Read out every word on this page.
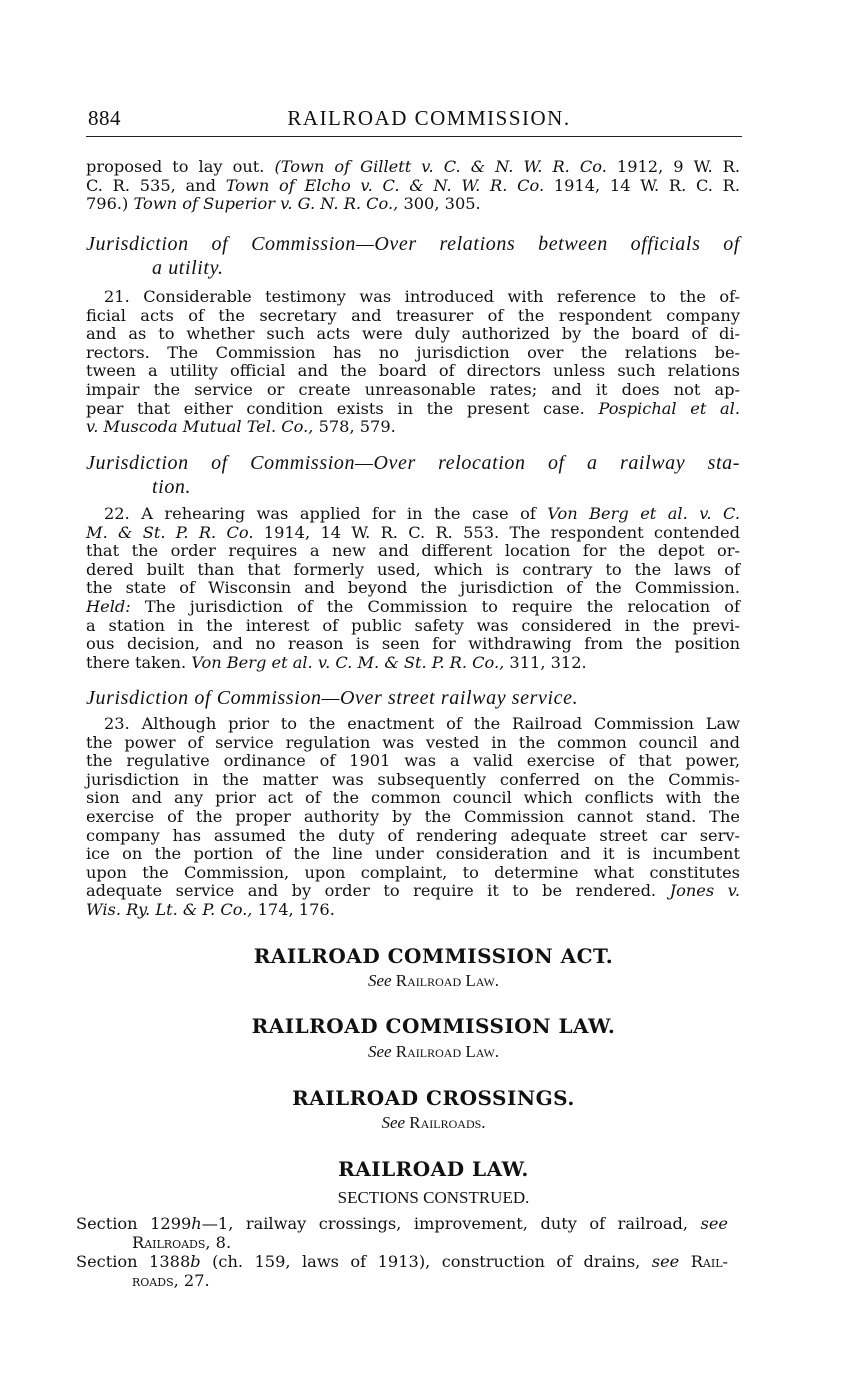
884	RAILROAD COMMISSION.
proposed to lay out. (Town of Gillett v. C. & N. W. R. Co. 1912, 9 W. R.
C. R. 535, and Town of Elcho v. C. & N. W. R. Co. 1914, 14 W. R. C. R.
796.) Town of Superior v. G. N. R. Co., 300, 305.
Jurisdiction of Commission—Over relations between officials of
a utility.
21. Considerable testimony was introduced with reference to the of-
ficial acts of the secretary and treasurer of the respondent company
and as to whether such acts were duly authorized by the board of di-
rectors. The Commission has no jurisdiction over the relations be-
tween a utility official and the board of directors unless such relations
impair the service or create unreasonable rates; and it does not ap-
pear that either condition exists in the present case. Pospichal et al.
v. Muscoda Mutual Tel. Co., 578, 579.
Jurisdiction of Commission—Over relocation of a railway sta-
tion.
22. A rehearing was applied for in the case of Von Berg et al. v. C.
M. & St. P. R. Co. 1914, 14 W. R. C. R. 553. The respondent contended
that the order requires a new and different location for the depot or-
dered built than that formerly used, which is contrary to the laws of
the state of Wisconsin and beyond the jurisdiction of the Commission.
Held: The jurisdiction of the Commission to require the relocation of
a station in the interest of public safety was considered in the previ-
ous decision, and no reason is seen for withdrawing from the position
there taken. Von Berg et al. v. C. M. & St. P. R. Co., 311, 312.
Jurisdiction of Commission—Over street railway service.
23. Although prior to the enactment of the Railroad Commission Law
the power of service regulation was vested in the common council and
the regulative ordinance of 1901 was a valid exercise of that power,
jurisdiction in the matter was subsequently conferred on the Commis-
sion and any prior act of the common council which conflicts with the
exercise of the proper authority by the Commission cannot stand. The
company has assumed the duty of rendering adequate street car serv-
ice on the portion of the line under consideration and it is incumbent
upon the Commission, upon complaint, to determine what constitutes
adequate service and by order to require it to be rendered. Jones v.
Wis. Ry. Lt. & P. Co., 174, 176.
RAILROAD COMMISSION ACT.
See Railroad Law.
RAILROAD COMMISSION LAW.
See Railroad Law.
RAILROAD CROSSINGS.
See Railroads.
RAILROAD LAW.
SECTIONS CONSTRUED.
Section 1299h—1, railway crossings, improvement, duty of railroad, see
Railroads, 8.
Section 1388b (ch. 159, laws of 1913), construction of drains, see Rail-
roads, 27.
